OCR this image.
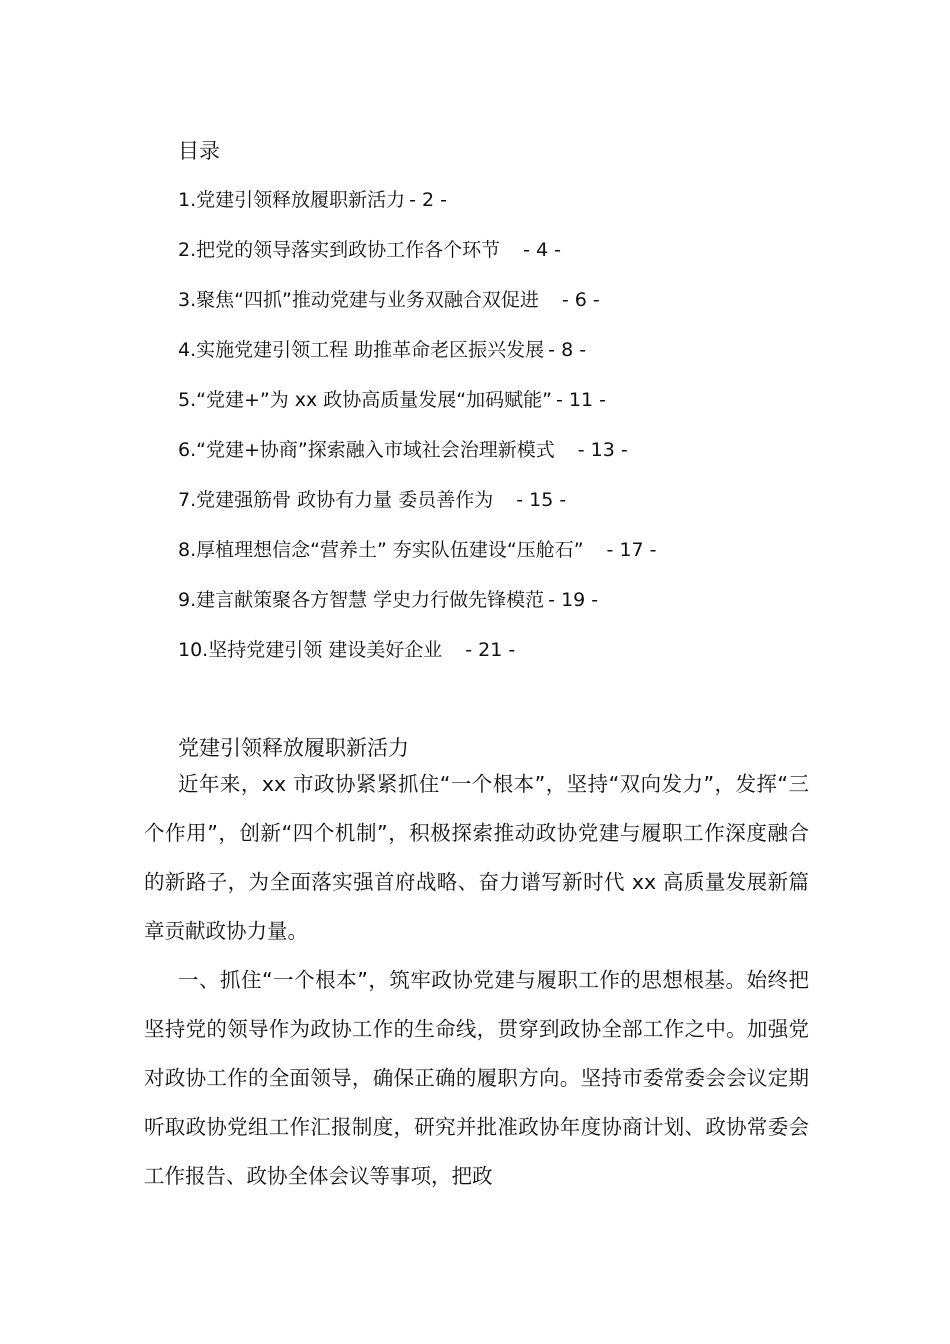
目录
1.党建引领释放履职新活力 - 2 -
2.把党的领导落实到政协工作各个环节　- 4 -
3.聚焦“四抓”推动党建与业务双融合双促进　- 6 -
4.实施党建引领工程 助推革命老区振兴发展 - 8 -
5.“党建+”为 xx 政协高质量发展“加码赋能” - 11 -
6.“党建+协商”探索融入市域社会治理新模式　- 13 -
7.党建强筋骨 政协有力量 委员善作为　- 15 -
8.厚植理想信念“营养土” 夯实队伍建设“压舱石”　- 17 -
9.建言献策聚各方智慧 学史力行做先锋模范 - 19 -
10.坚持党建引领 建设美好企业　- 21 -
党建引领释放履职新活力

近年来，xx 市政协紧紧抓住“一个根本”，坚持“双向发力”，发挥“三个作用”，创新“四个机制”，积极探索推动政协党建与履职工作深度融合的新路子，为全面落实强首府战略、奋力谱写新时代 xx 高质量发展新篇章贡献政协力量。

一、抓住“一个根本”，筑牢政协党建与履职工作的思想根基。始终把坚持党的领导作为政协工作的生命线，贯穿到政协全部工作之中。加强党对政协工作的全面领导，确保正确的履职方向。坚持市委常委会会议定期听取政协党组工作汇报制度，研究并批准政协年度协商计划、政协常委会工作报告、政协全体会议等事项，把政
